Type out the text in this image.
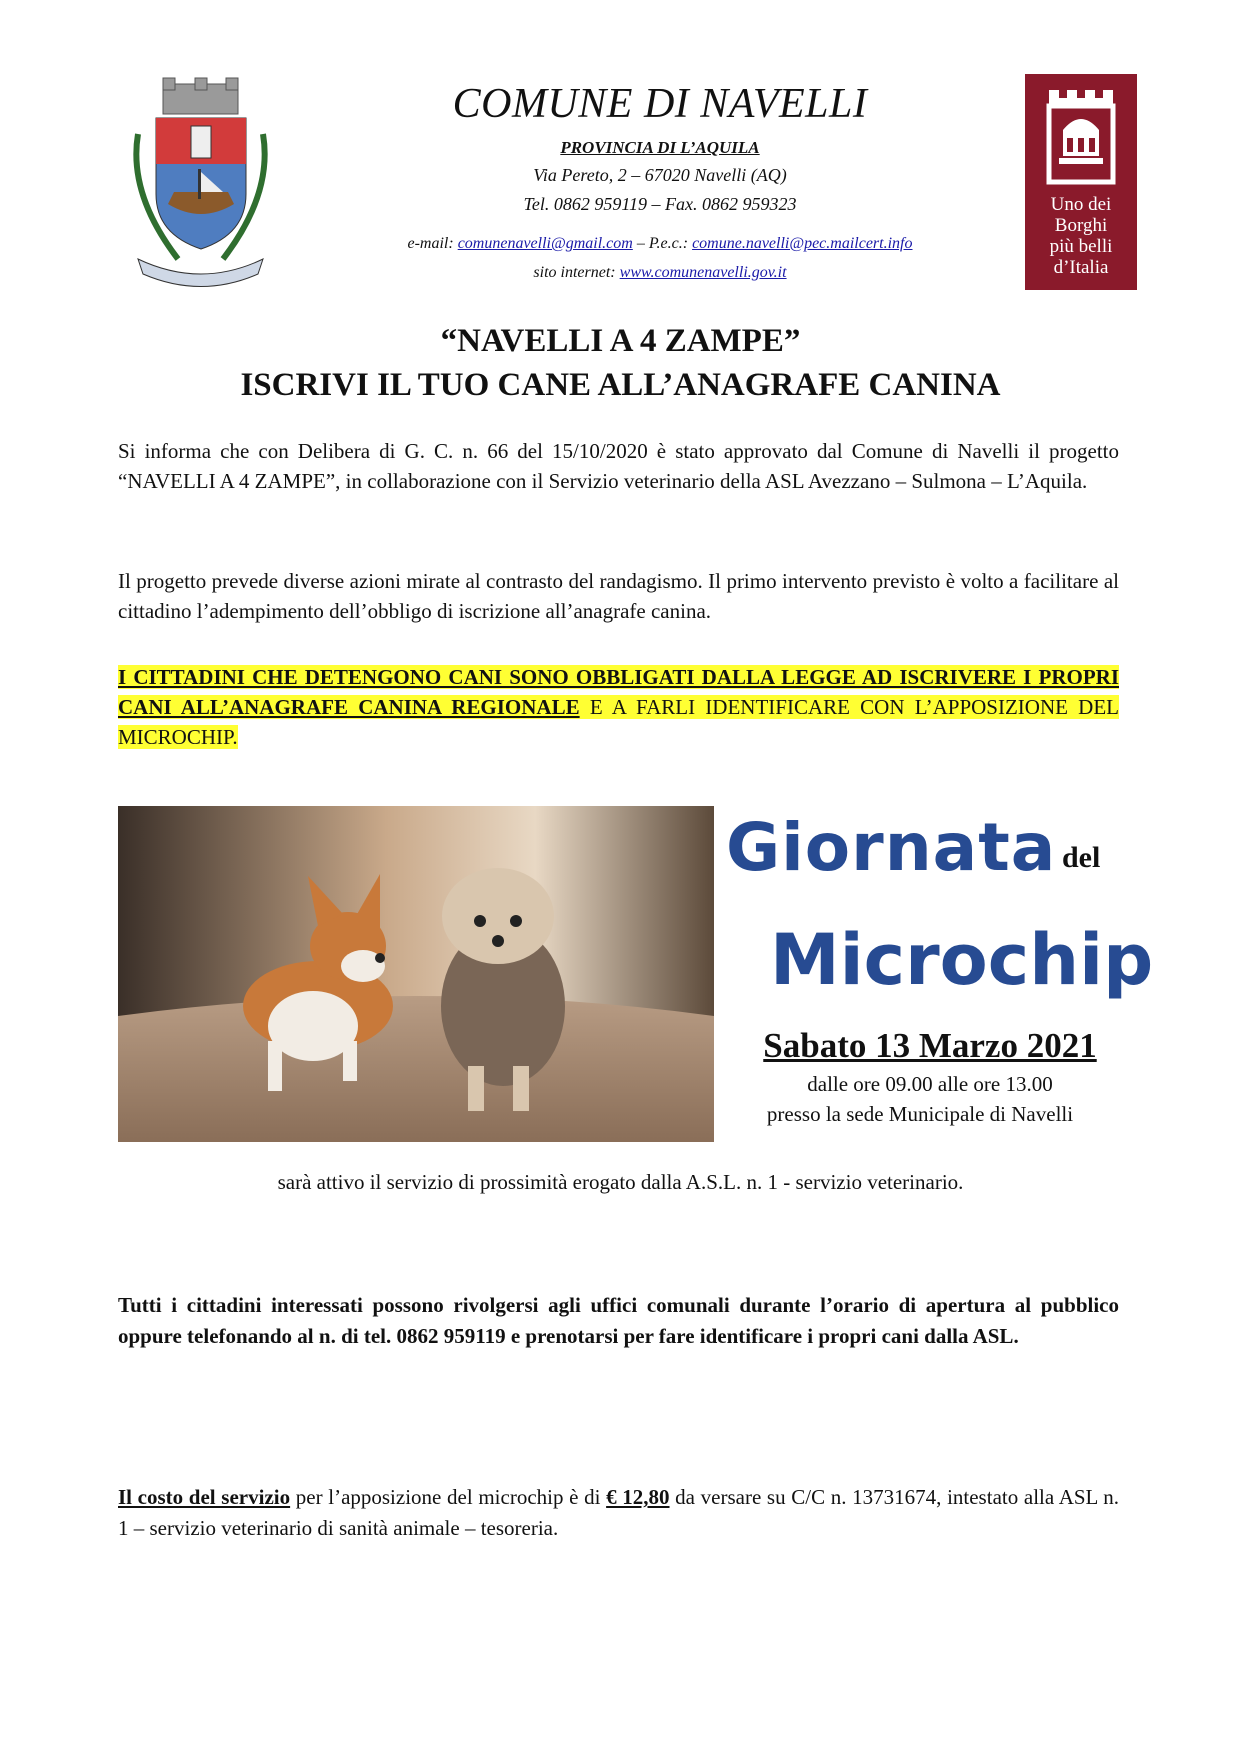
Uno dei
Borghi
più belli
d’Italia
COMUNE DI NAVELLI
PROVINCIA DI L’AQUILA
Via Pereto, 2 – 67020 Navelli (AQ)
Tel. 0862 959119 – Fax. 0862 959323
e-mail: comunenavelli@gmail.com – P.e.c.: comune.navelli@pec.mailcert.info
sito internet: www.comunenavelli.gov.it
“NAVELLI A 4 ZAMPE”
ISCRIVI IL TUO CANE ALL’ANAGRAFE CANINA
Si informa che con Delibera di G. C. n. 66 del 15/10/2020 è stato approvato dal Comune di Navelli il progetto “NAVELLI A 4 ZAMPE”, in collaborazione con il Servizio veterinario della ASL Avezzano – Sulmona – L’Aquila.
Il progetto prevede diverse azioni mirate al contrasto del randagismo. Il primo intervento previsto è volto a facilitare al cittadino l’adempimento dell’obbligo di iscrizione all’anagrafe canina.
I CITTADINI CHE DETENGONO CANI SONO OBBLIGATI DALLA LEGGE AD ISCRIVERE I PROPRI CANI ALL’ANAGRAFE CANINA REGIONALE E A FARLI IDENTIFICARE CON L’APPOSIZIONE DEL MICROCHIP.
Giornata del
Microchip
Sabato 13 Marzo 2021
dalle ore 09.00 alle ore 13.00
presso la sede Municipale di Navelli
sarà attivo il servizio di prossimità erogato dalla A.S.L. n. 1 - servizio veterinario.
Tutti i cittadini interessati possono rivolgersi agli uffici comunali durante l’orario di apertura al pubblico oppure telefonando al n. di tel. 0862 959119 e prenotarsi per fare identificare i propri cani dalla ASL.
Il costo del servizio per l’apposizione del microchip è di € 12,80 da versare su C/C n. 13731674, intestato alla ASL n. 1 – servizio veterinario di sanità animale – tesoreria.
